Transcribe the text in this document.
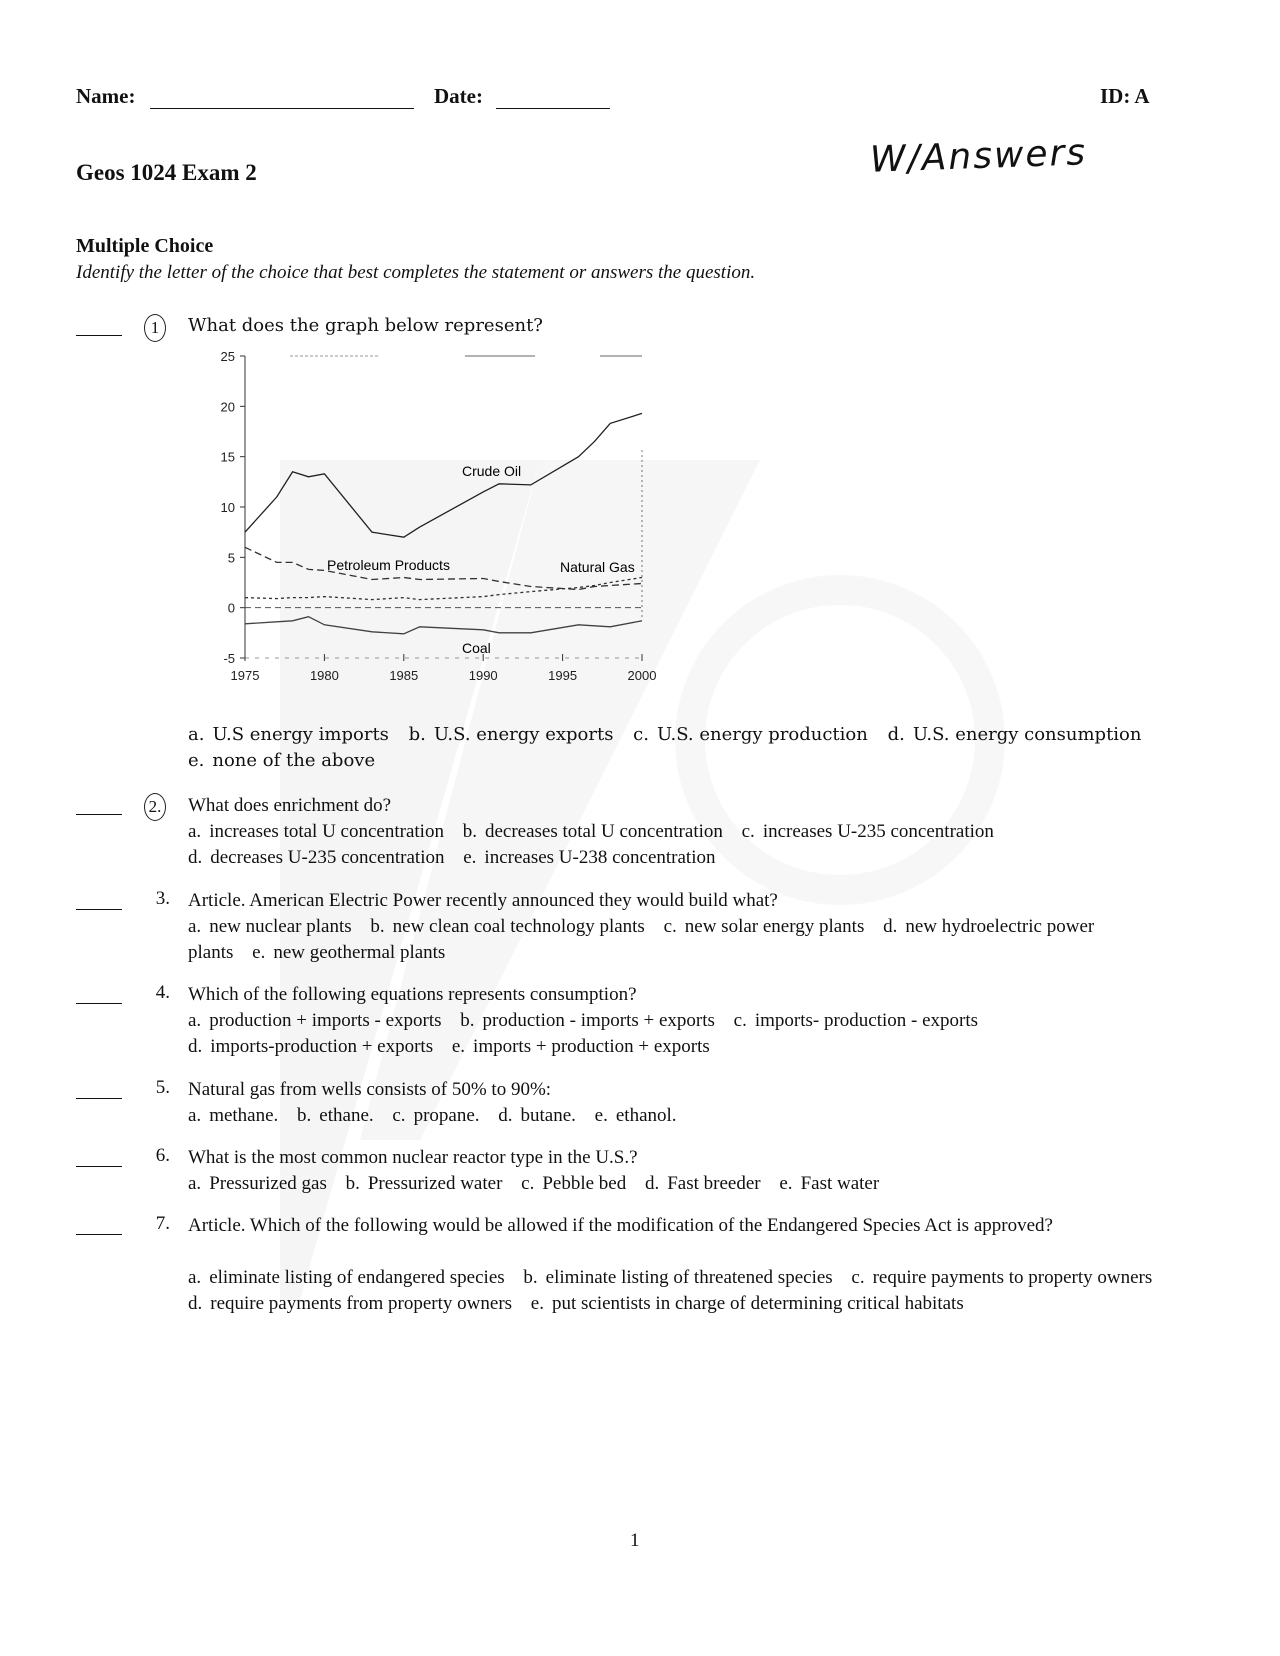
Name:	Date:	ID: A
Geos 1024 Exam 2	W/Answers
Multiple Choice
Identify the letter of the choice that best completes the statement or answers the question.
1	What does the graph below represent?
25
20
15
10
5
0
-5
1975	1980	1985	1990	1995	2000
Crude Oil
Petroleum Products	Natural Gas
Coal
a. U.S energy imports b. U.S. energy exports c. U.S. energy production d. U.S. energy consumption
e. none of the above
2. What does enrichment do?
a. increases total U concentration b. decreases total U concentration c. increases U-235 concentration
d. decreases U-235 concentration e. increases U-238 concentration
3. Article. American Electric Power recently announced they would build what?
a. new nuclear plants b. new clean coal technology plants c. new solar energy plants d. new hydroelectric power plants e. new geothermal plants
4. Which of the following equations represents consumption?
a. production + imports - exports b. production - imports + exports c. imports- production - exports
d. imports-production + exports e. imports + production + exports
5. Natural gas from wells consists of 50% to 90%:
a. methane. b. ethane. c. propane. d. butane. e. ethanol.
6. What is the most common nuclear reactor type in the U.S.?
a. Pressurized gas b. Pressurized water c. Pebble bed d. Fast breeder e. Fast water
7. Article. Which of the following would be allowed if the modification of the Endangered Species Act is approved?
a. eliminate listing of endangered species b. eliminate listing of threatened species c. require payments to property owners d. require payments from property owners e. put scientists in charge of determining critical habitats
1
